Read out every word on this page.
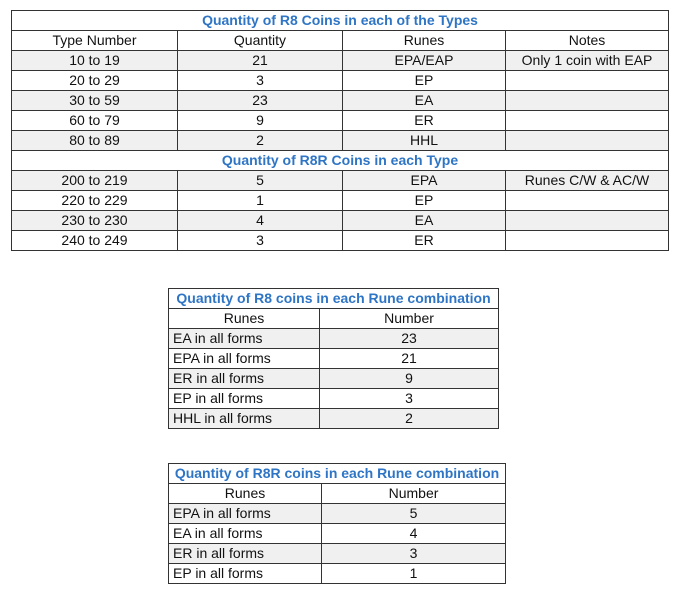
Quantity of R8 Coins in each of the Types			
Type Number	Quantity	Runes	Notes
10 to 19	21	EPA/EAP	Only 1 coin with EAP
20 to 29	3	EP	
30 to 59	23	EA	
60 to 79	9	ER	
80 to 89	2	HHL	
Quantity of R8R Coins in each Type			
200 to 219	5	EPA	Runes C/W & AC/W
220 to 229	1	EP	
230 to 230	4	EA	
240 to 249	3	ER	
Quantity of R8 coins in each Rune combination	
Runes	Number
EA in all forms	23
EPA in all forms	21
ER in all forms	9
EP in all forms	3
HHL in all forms	2
Quantity of R8R coins in each Rune combination	
Runes	Number
EPA in all forms	5
EA in all forms	4
ER in all forms	3
EP in all forms	1
